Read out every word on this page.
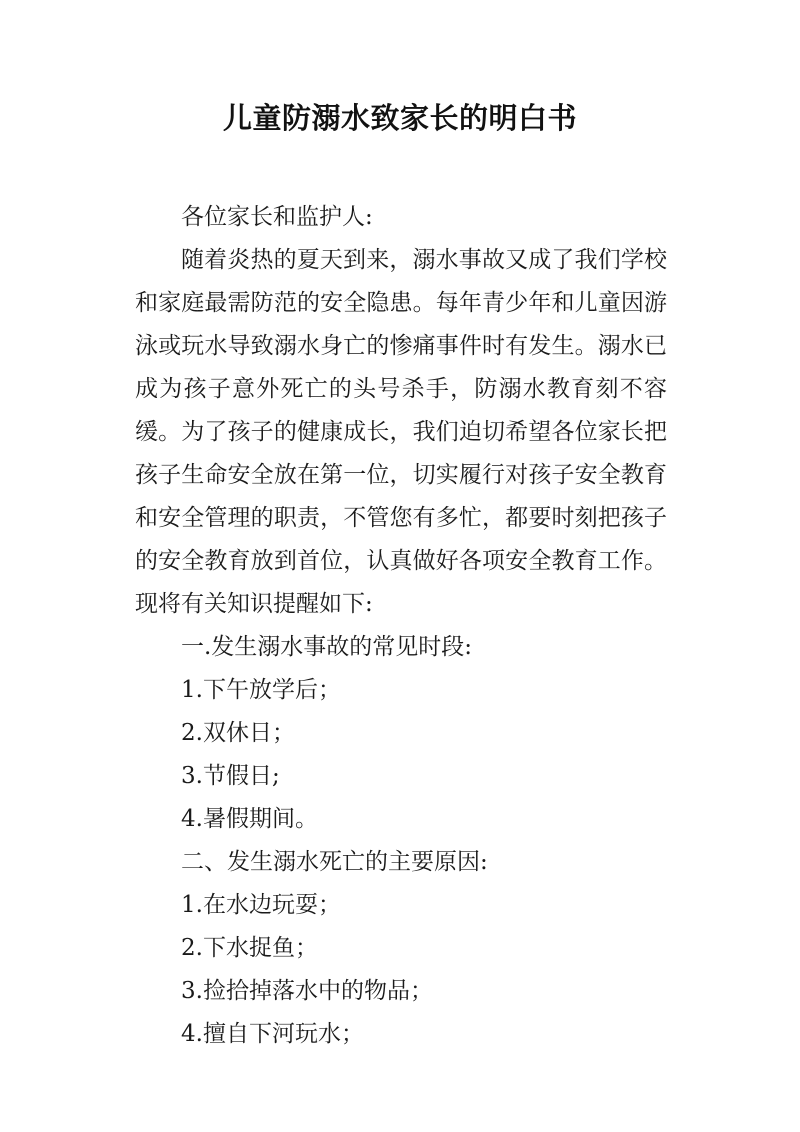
儿童防溺水致家长的明白书

各位家长和监护人:

随着炎热的夏天到来，溺水事故又成了我们学校和家庭最需防范的安全隐患。每年青少年和儿童因游泳或玩水导致溺水身亡的惨痛事件时有发生。溺水已成为孩子意外死亡的头号杀手，防溺水教育刻不容缓。为了孩子的健康成长，我们迫切希望各位家长把孩子生命安全放在第一位，切实履行对孩子安全教育和安全管理的职责，不管您有多忙，都要时刻把孩子的安全教育放到首位，认真做好各项安全教育工作。现将有关知识提醒如下:

一.发生溺水事故的常见时段:

1.下午放学后；

2.双休日；

3.节假日;

4.暑假期间。

二、发生溺水死亡的主要原因:

1.在水边玩耍；

2.下水捉鱼；

3.捡拾掉落水中的物品；

4.擅自下河玩水；
